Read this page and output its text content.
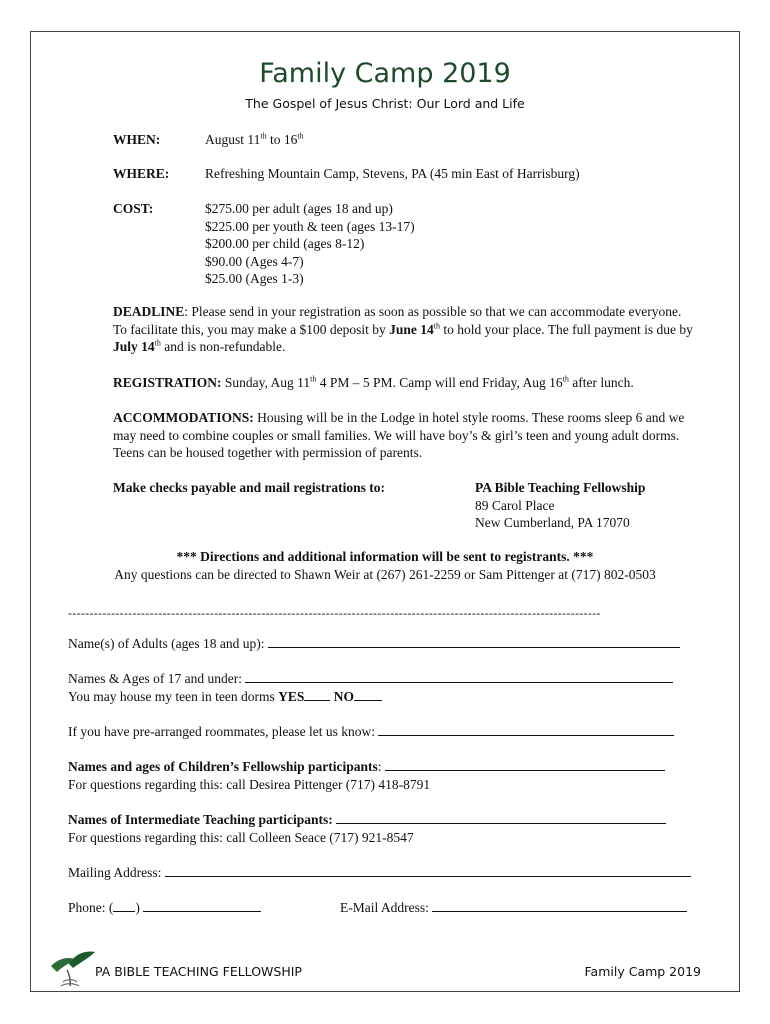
Family Camp 2019
The Gospel of Jesus Christ: Our Lord and Life
WHEN:	August 11th to 16th
WHERE:	Refreshing Mountain Camp, Stevens, PA (45 min East of Harrisburg)
COST:	$275.00 per adult (ages 18 and up)
$225.00 per youth & teen (ages 13-17)
$200.00 per child (ages 8-12)
$90.00 (Ages 4-7)
$25.00 (Ages 1-3)
DEADLINE: Please send in your registration as soon as possible so that we can accommodate everyone. To facilitate this, you may make a $100 deposit by June 14th to hold your place. The full payment is due by July 14th and is non-refundable.
REGISTRATION: Sunday, Aug 11th 4 PM – 5 PM. Camp will end Friday, Aug 16th after lunch.
ACCOMMODATIONS: Housing will be in the Lodge in hotel style rooms. These rooms sleep 6 and we may need to combine couples or small families. We will have boy’s & girl’s teen and young adult dorms. Teens can be housed together with permission of parents.
Make checks payable and mail registrations to:	PA Bible Teaching Fellowship
89 Carol Place
New Cumberland, PA 17070
*** Directions and additional information will be sent to registrants. ***
Any questions can be directed to Shawn Weir at (267) 261-2259 or Sam Pittenger at (717) 802-0503
----------------------------------------------------------------------------------------------------------------------------
Name(s) of Adults (ages 18 and up):
Names & Ages of 17 and under:
You may house my teen in teen dorms YES NO
If you have pre-arranged roommates, please let us know:
Names and ages of Children’s Fellowship participants:
For questions regarding this: call Desirea Pittenger (717) 418-8791
Names of Intermediate Teaching participants:
For questions regarding this: call Colleen Seace (717) 921-8547
Mailing Address:
Phone: ( )	E-Mail Address:
PA BIBLE TEACHING FELLOWSHIP	Family Camp 2019
